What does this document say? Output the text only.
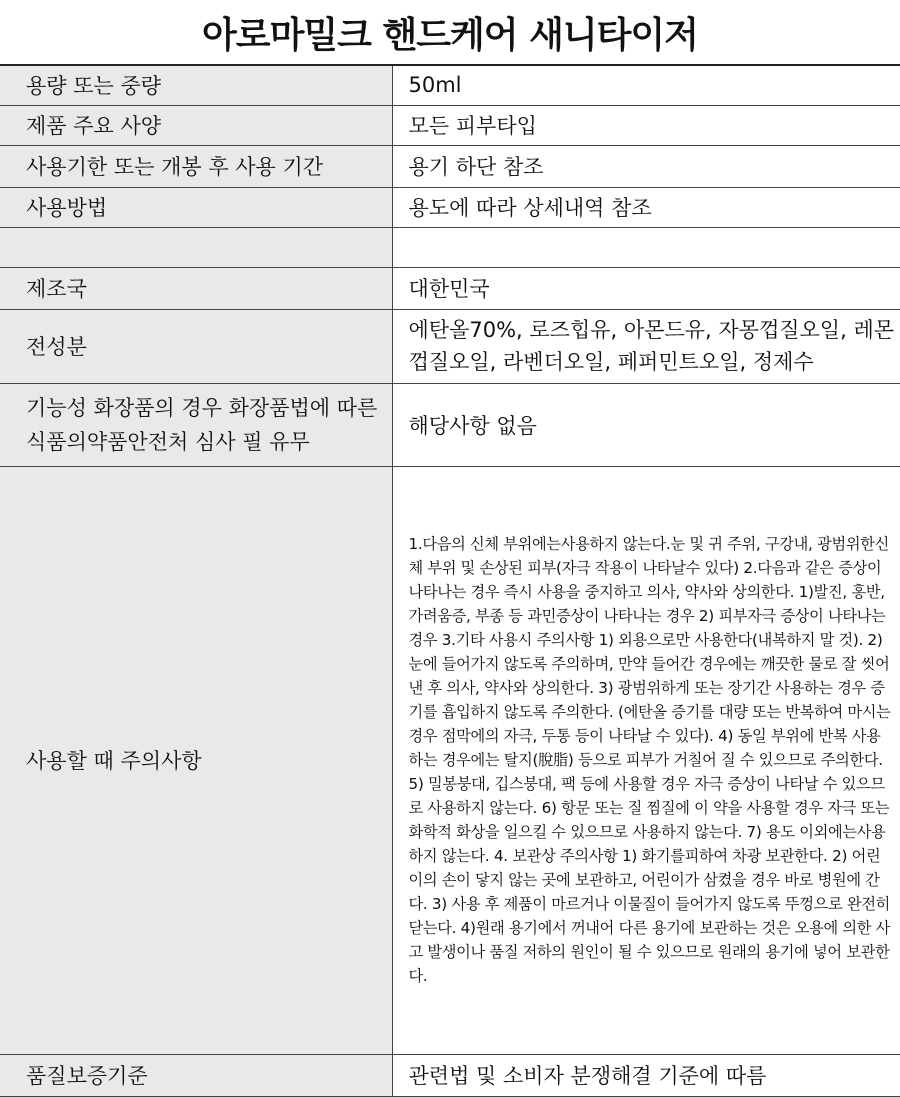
아로마밀크 핸드케어 새니타이저
용량 또는 중량	50ml
제품 주요 사양	모든 피부타입
사용기한 또는 개봉 후 사용 기간	용기 하단 참조
사용방법	용도에 따라 상세내역 참조

제조국	대한민국
전성분	에탄올70%, 로즈힙유, 아몬드유, 자몽껍질오일, 레몬껍질오일, 라벤더오일, 페퍼민트오일, 정제수
기능성 화장품의 경우 화장품법에 따른 식품의약품안전처 심사 필 유무	해당사항 없음
사용할 때 주의사항	1.다음의 신체 부위에는사용하지 않는다.눈 및 귀 주위, 구강내, 광범위한신체 부위 및 손상된 피부(자극 작용이 나타날수 있다) 2.다음과 같은 증상이 나타나는 경우 즉시 사용을 중지하고 의사, 약사와 상의한다. 1)발진, 홍반, 가려움증, 부종 등 과민증상이 나타나는 경우 2) 피부자극 증상이 나타나는 경우 3.기타 사용시 주의사항 1) 외용으로만 사용한다(내복하지 말 것). 2) 눈에 들어가지 않도록 주의하며, 만약 들어간 경우에는 깨끗한 물로 잘 씻어낸 후 의사, 약사와 상의한다. 3) 광범위하게 또는 장기간 사용하는 경우 증기를 흡입하지 않도록 주의한다. (에탄올 증기를 대량 또는 반복하여 마시는 경우 점막에의 자극, 두통 등이 나타날 수 있다). 4) 동일 부위에 반복 사용하는 경우에는 탈지(脫脂) 등으로 피부가 거칠어 질 수 있으므로 주의한다. 5) 밀봉붕대, 깁스붕대, 팩 등에 사용할 경우 자극 증상이 나타날 수 있으므로 사용하지 않는다. 6) 항문 또는 질 찜질에 이 약을 사용할 경우 자극 또는 화학적 화상을 일으킬 수 있으므로 사용하지 않는다. 7) 용도 이외에는사용하지 않는다. 4. 보관상 주의사항 1) 화기를피하여 차광 보관한다. 2) 어린이의 손이 닿지 않는 곳에 보관하고, 어린이가 삼켰을 경우 바로 병원에 간다. 3) 사용 후 제품이 마르거나 이물질이 들어가지 않도록 뚜껑으로 완전히 닫는다. 4)원래 용기에서 꺼내어 다른 용기에 보관하는 것은 오용에 의한 사고 발생이나 품질 저하의 원인이 될 수 있으므로 원래의 용기에 넣어 보관한다.
품질보증기준	관련법 및 소비자 분쟁해결 기준에 따름
